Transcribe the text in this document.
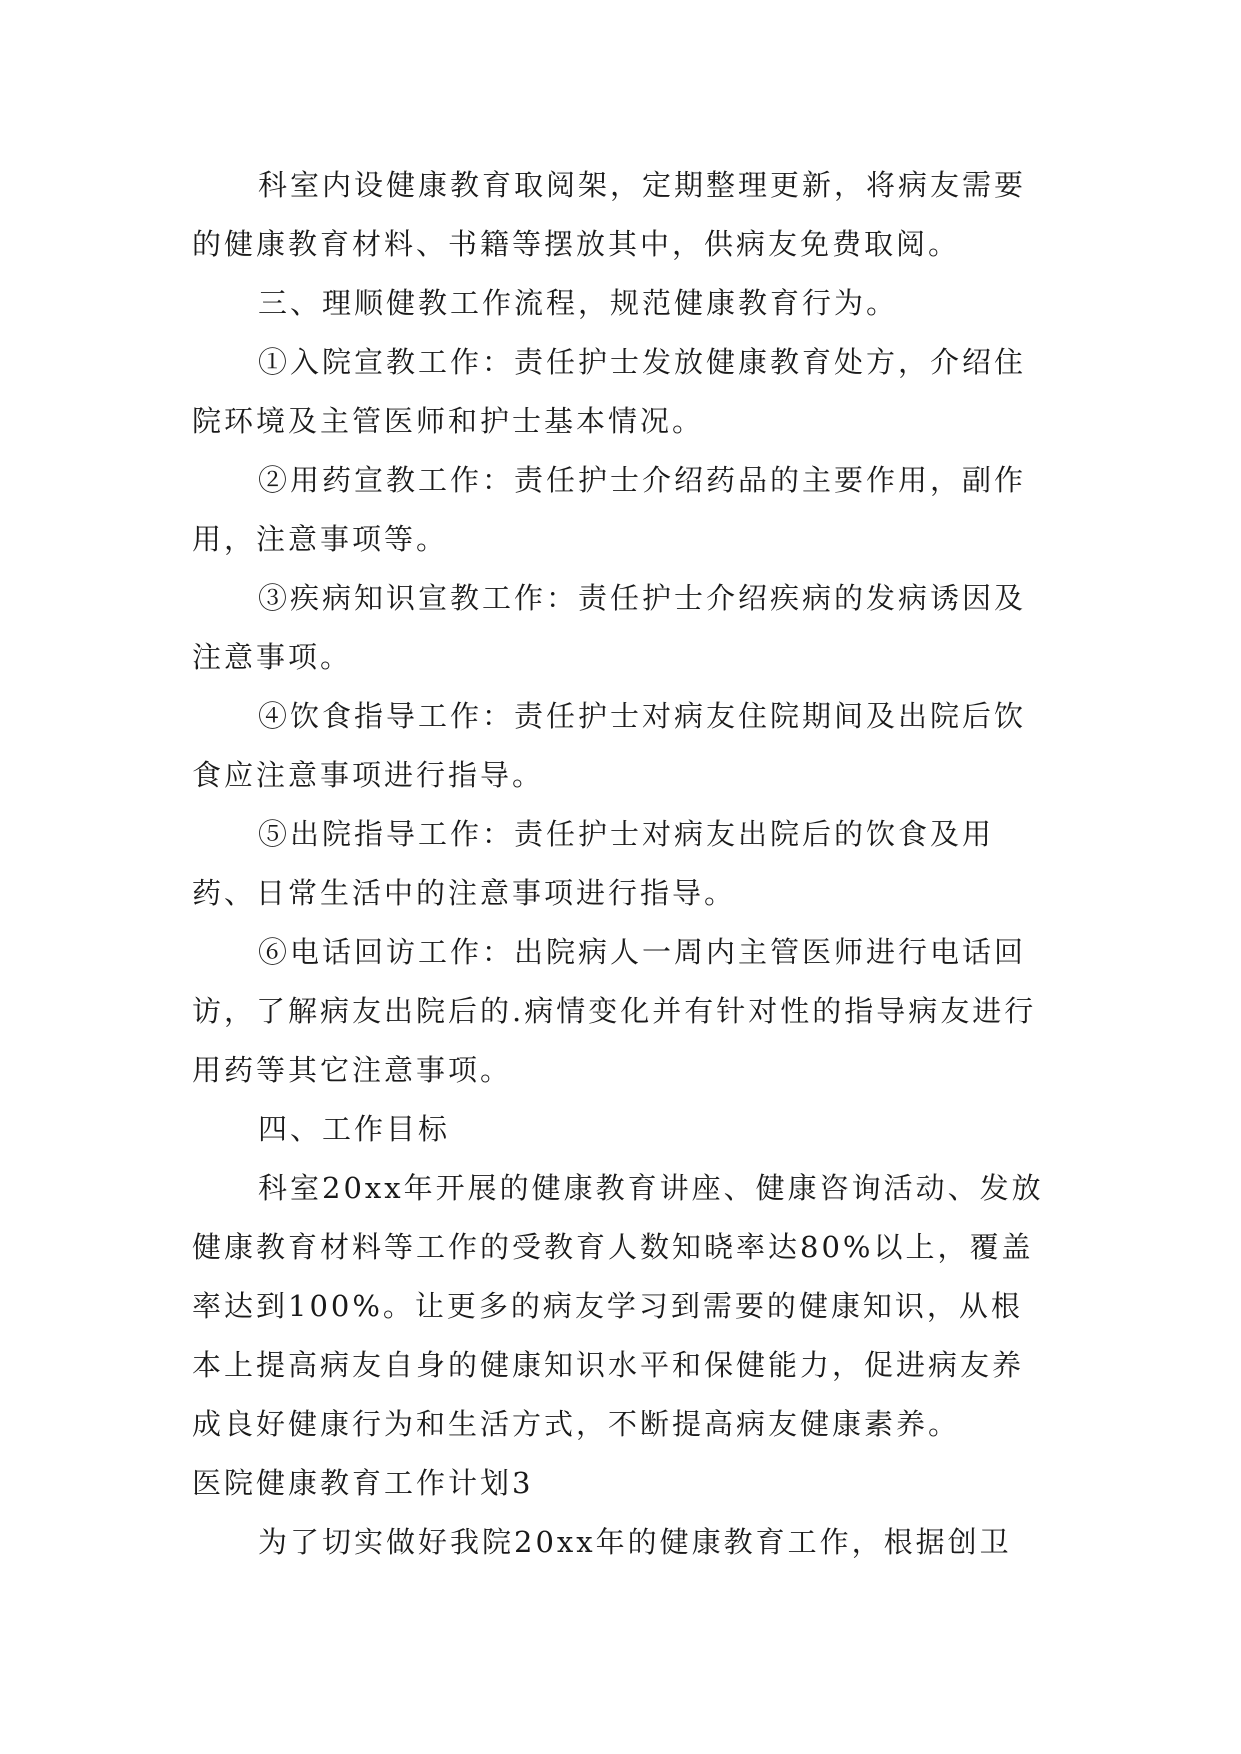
科室内设健康教育取阅架，定期整理更新，将病友需要的健康教育材料、书籍等摆放其中，供病友免费取阅。

三、理顺健教工作流程，规范健康教育行为。

①入院宣教工作：责任护士发放健康教育处方，介绍住院环境及主管医师和护士基本情况。

②用药宣教工作：责任护士介绍药品的主要作用，副作用，注意事项等。

③疾病知识宣教工作：责任护士介绍疾病的发病诱因及注意事项。

④饮食指导工作：责任护士对病友住院期间及出院后饮食应注意事项进行指导。

⑤出院指导工作：责任护士对病友出院后的饮食及用药、日常生活中的注意事项进行指导。

⑥电话回访工作：出院病人一周内主管医师进行电话回访，了解病友出院后的.病情变化并有针对性的指导病友进行用药等其它注意事项。

四、工作目标

科室20xx年开展的健康教育讲座、健康咨询活动、发放健康教育材料等工作的受教育人数知晓率达80%以上，覆盖率达到100%。让更多的病友学习到需要的健康知识，从根本上提高病友自身的健康知识水平和保健能力，促进病友养成良好健康行为和生活方式，不断提高病友健康素养。

医院健康教育工作计划3

为了切实做好我院20xx年的健康教育工作，根据创卫
